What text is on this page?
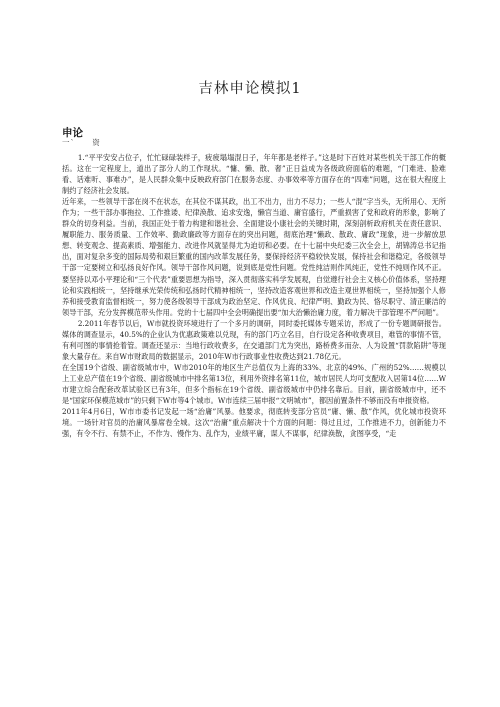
吉林申论模拟1
申论
一` 资

1.“平平安安占位子，忙忙碌碌装样子，疲疲塌塌混日子，年年都是老样子。”这是时下百姓对某些机关干部工作的概括。这在一定程度上，道出了部分人的工作现状。“慵、懒、散、奢”正日益成为各级政府面临的难题，“门难进、脸难看、话难听、事难办”，是人民群众集中反映政府部门在服务态度、办事效率等方面存在的“四难”问题，这在很大程度上制约了经济社会发展。

近年来，一些领导干部在岗不在状态，在其位不谋其政，出工不出力，出力不尽力；一些人“混”字当头，无所用心、无所作为；一些干部办事拖拉、工作推诿、纪律涣散、追求安逸，懒官当道、庸官盛行，严重损害了党和政府的形象，影响了群众的切身利益。当前，我国正处于着力构建和谐社会、全面建设小康社会的关键时期，深刻剖析政府机关在责任意识、履职能力、服务质量、工作效率、勤政廉政等方面存在的突出问题，彻底治理“懒政、散政、庸政”现象，进一步解放思想、转变观念、提高素质、增强能力、改进作风就显得尤为迫切和必要。在十七届中央纪委三次全会上，胡锦涛总书记指出，面对复杂多变的国际局势和艰巨繁重的国内改革发展任务，要保持经济平稳较快发展，保持社会和谐稳定，各级领导干部一定要树立和弘扬良好作风。领导干部作风问题，说到底是党性问题。党性纯洁则作风纯正，党性不纯则作风不正。要坚持以邓小平理论和“三个代表”重要思想为指导，深入贯彻落实科学发展观，自觉遵行社会主义核心价值体系，坚持理论和实践相统一，坚持继承光荣传统和弘扬时代精神相统一，坚持改造客观世界和改造主观世界相统一，坚持加强个人修养和接受教育监督相统一，努力使各级领导干部成为政治坚定、作风优良、纪律严明、勤政为民、恪尽职守、清正廉洁的领导干部，充分发挥模范带头作用。党的十七届四中全会明确提出要“加大治懒治庸力度，着力解决干部管理不严问题”。

2.2011年春节以后，W市就投资环境进行了一个多月的调研，同时委托媒体专题采访，形成了一份专题调研报告。媒体的调查显示，40.5%的企业认为优惠政策难以兑现，有的部门巧立名目，自行设定各种收费项目，难管的事情不管，有利可图的事情抢着管。调查还显示：当地行政收费多，在交通部门尤为突出，路桥费多而杂、人为设置“罚款陷阱”等现象大量存在。来自W市财政局的数据显示，2010年W市行政事业性收费达到21.78亿元。

在全国19个省级、副省级城市中，W市2010年的地区生产总值仅为上海的33%、北京的49%、广州的52%……规模以上工业总产值在19个省级、副省级城市中排名第13位，利用外资排名第11位，城市居民人均可支配收入居第14位……W市建立综合配套改革试验区已有3年，但多个指标在19个省级、副省级城市中仍排名靠后。目前，副省级城市中，还不是“国家环保模范城市”的只剩下W市等4个城市。W市连续三届申报“文明城市”，都因前置条件不够而没有申报资格。

2011年4月6日，W市市委书记发起一场“治庸”风暴。他要求，彻底转变部分官员“庸、懒、散”作风，优化城市投资环境。一场针对官员的治庸风暴席卷全城。这次“治庸”重点解决十个方面的问题：得过且过，工作推进不力，创新能力不强，有令不行、有禁不止，不作为、慢作为、乱作为，业绩平庸，谋人不谋事，纪律涣散，贪图享受，“走
